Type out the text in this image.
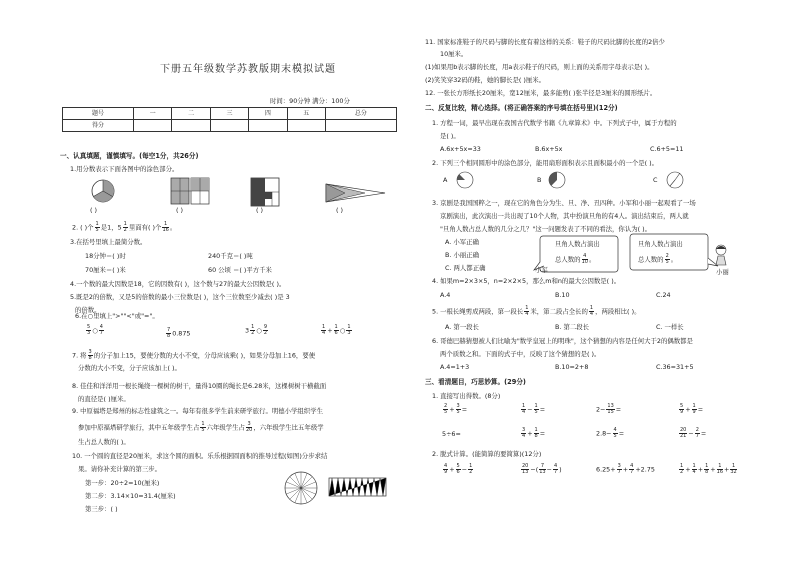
下册五年级数学苏教版期末模拟试题
时间：90分钟 满分：100分
题号	一	二	三	四	五	总分
得分						
一、认真填题，谨慎填写。(每空1分，共26分)
1.用分数表示下面各图中的涂色部分。
( )	( )	( )	( )
2. ( )个 $\frac{1}{5}$ 是1，$5 \frac{1}{2}$ 里面有( )个 $\frac{1}{16}$ 。
3.在括号里填上最简分数。
18分钟＝( )时	240千克＝( )吨
70厘米＝( )米	60 公顷 ＝( )平方千米
4.一个数的最大因数是18，它的因数有( )，这个数与27的最大公因数是( )。
5.既是2的倍数，又是5的倍数的最小三位数是( )，这个三位数至少减去( )是 3
的倍数。
6.在○里填上">""<"或"="。
$\frac{5}{3}$ ○ $\frac{4}{7}$	$\frac{7}{8} 0.875$	$3 \frac{1}{2}$ ○ $\frac{9}{2}$	$\frac{1}{4} + \frac{1}{6}$ ○ $\frac{1}{3}$
7. 将 $\frac{3}{8}$ 的分子加上15，要使分数的大小不变，分母应该乘( )，如果分母加上16，要使
分数的大小不变，分子应该加上( )。
8. 佳佳和洋洋用一根长绳绕一棵树的树干，量得10圈的绳长是6.28米，这棵树树干横截面
的直径是( )厘米。
9. 中原福塔是郑州的标志性建筑之一。每年有很多学生前来研学旅行。明德小学组织学生
参加中原福塔研学旅行，其中五年级学生占 $\frac{1}{5}$ 六年级学生占 $\frac{3}{20}$ ，六年级学生比五年级学
生占总人数的( )。
10. 一个圆的直径是20厘米，求这个圆的面积。乐乐根据圆面积的推导过程(如图)分步求结
果。请你补充计算的第三步。
第一步：20÷2=10(厘米)
第二步：3.14×10=31.4(厘米)
第三步：( )
11. 国家标准鞋子的尺码与脚的长度有着这样的关系：鞋子的尺码比脚的长度的2倍少
10厘米。
(1)如果用b表示脚的长度，用a表示鞋子的尺码，则上面的关系用字母表示是( )。
(2)笑笑穿32码的鞋，她的脚长是( )厘米。
12. 一张长方形纸长20厘米，宽12厘米，最多能剪( )张半径是3厘米的圆形纸片。
二、反复比较，精心选择。(将正确答案的序号填在括号里)(12分)
1. 方程一词，最早出现在我国古代数学书籍《九章算术》中。下列式子中，属于方程的
是( )。
A.6x+5x=33	B.6x+5x	C.6+5=11
2. 下列三个相同圆形中的涂色部分，能用扇形面积表示且面积最小的一个是( )。
A	B	C
3. 京剧是我国国粹之一，现在它的角色分为生、旦、净、丑四种。小军和小丽一起观看了一场
京剧演出，此次演出一共出现了10个人物，其中扮演旦角的有4人。演出结束后，两人就
"旦角人数占总人数的几分之几？"这一问题发表了不同的看法，你认为( )。
A. 小军正确
B. 小丽正确
C. 两人都正确
旦角人数占演出
总人数的 $\frac{4}{10}$ 。
小军
旦角人数占演出
总人数的 $\frac{2}{5}$ 。
小丽
4. 如果m=2×3×5，n=2×2×5，那么m和n的最大公因数是( )。
A.4	B.10	C.24
5. 一根长绳剪成两段，第一段长 $\frac{1}{4}$ 米，第二段占全长的 $\frac{1}{4}$ ，两段相比( )。
A. 第一段长	B. 第二段长	C. 一样长
6. 哥德巴赫猜想被人们比喻为"数学皇冠上的明珠"，这个猜想的内容是任何大于2的偶数都是
两个质数之和。下面的式子中，反映了这个猜想的是( )。
A.4=1+3	B.10=2+8	C.36=31+5
三、看清题目，巧思妙算。(29分)
1. 直接写出得数。(8分)
$\frac{2}{5} + \frac{3}{5}$ =	$\frac{1}{4} - \frac{1}{5}$ =	$2- \frac{13}{15}$ =	$\frac{5}{9} + \frac{1}{9}$ =
5÷6=	$\frac{3}{4} + \frac{1}{8}$ =	$2.8- \frac{4}{5}$ =	$\frac{20}{21} - \frac{2}{7}$ =
2. 脱式计算。(能简算的要简算)(12分)
$\frac{4}{9} + \frac{5}{6} - \frac{1}{2}$	$\frac{20}{13}$ −( $\frac{7}{13} - \frac{4}{7}$ )	$6.25+ \frac{3}{7} + \frac{4}{7} +2.75$	$\frac{1}{2} + \frac{1}{4} + \frac{1}{8} + \frac{1}{16} + \frac{1}{32}$
